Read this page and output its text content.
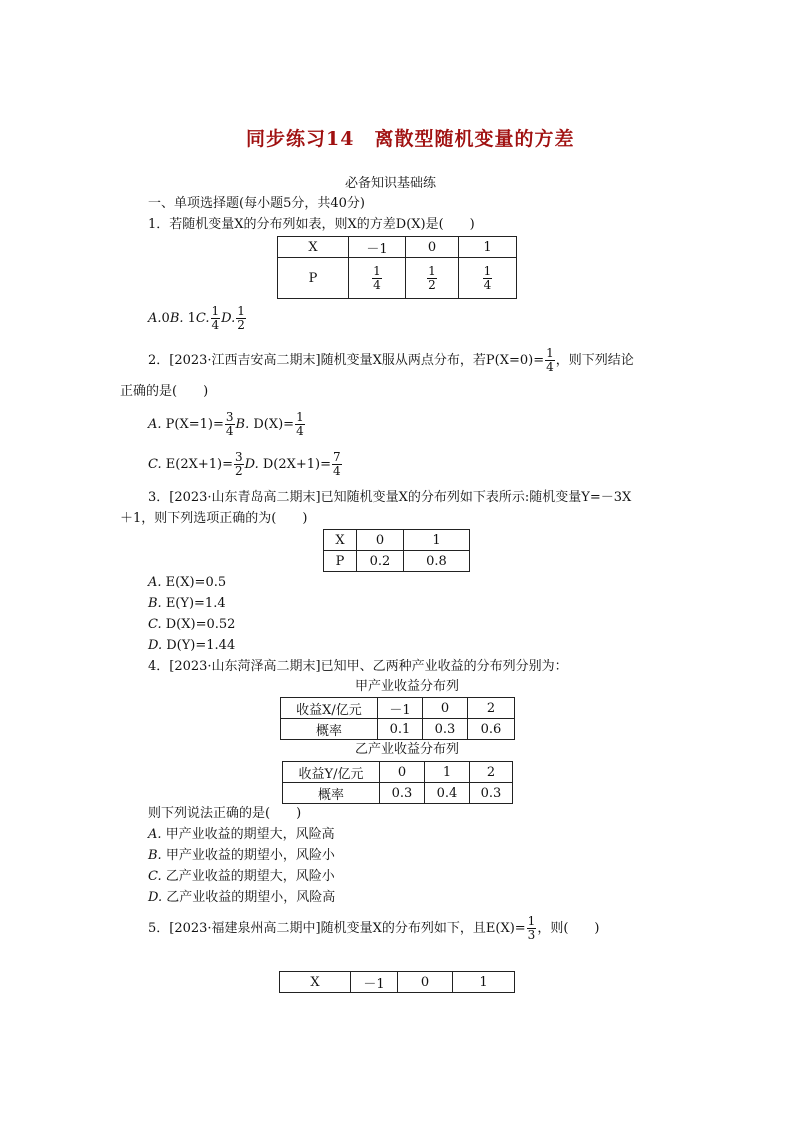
同步练习14　离散型随机变量的方差
必备知识基础练
一、单项选择题(每小题5分，共40分)
1．若随机变量X的分布列如表，则X的方差D(X)是(　　)
X	－1	0	1
P	$\frac{1}{4}$	$\frac{1}{2}$	$\frac{1}{4}$
A.0B. 1C. $\frac{1}{4} D$. $\frac{1}{2}$
2．[2023·江西吉安高二期末]随机变量X服从两点分布，若$P(X=0)= \frac{1}{4}$ ，则下列结论
正确的是(　　)
A. $P(X=1)= \frac{3}{4} B$. $D(X)= \frac{1}{4}$
C. $E(2X+1)= \frac{3}{2} D$. $D(2X+1)= \frac{7}{4}$
3．[2023·山东青岛高二期末]已知随机变量X的分布列如下表所示:随机变量Y=－3X
＋1，则下列选项正确的为(　　)
X	0	1
P	0.2	0.8
A. E(X)=0.5
B. E(Y)=1.4
C. D(X)=0.52
D. D(Y)=1.44
4．[2023·山东菏泽高二期末]已知甲、乙两种产业收益的分布列分别为：
甲产业收益分布列
收益X/亿元	－1	0	2
概率	0.1	0.3	0.6
乙产业收益分布列
收益Y/亿元	0	1	2
概率	0.3	0.4	0.3
则下列说法正确的是(　　)
A. 甲产业收益的期望大，风险高
B. 甲产业收益的期望小，风险小
C. 乙产业收益的期望大，风险小
D. 乙产业收益的期望小，风险高
5．[2023·福建泉州高二期中]随机变量X的分布列如下，且$E(X)= \frac{1}{3}$ ，则(　　)
X	－1	0	1
